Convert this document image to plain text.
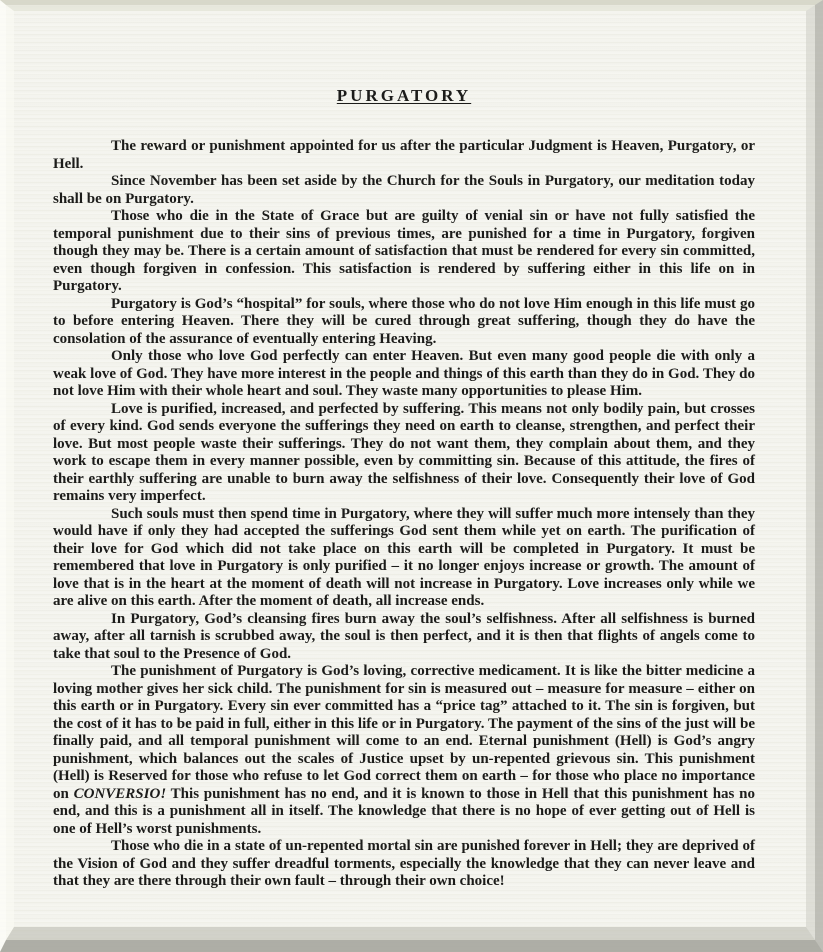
PURGATORY

The reward or punishment appointed for us after the particular Judgment is Heaven, Purgatory, or Hell.

Since November has been set aside by the Church for the Souls in Purgatory, our meditation today shall be on Purgatory.

Those who die in the State of Grace but are guilty of venial sin or have not fully satisfied the temporal punishment due to their sins of previous times, are punished for a time in Purgatory, forgiven though they may be. There is a certain amount of satisfaction that must be rendered for every sin committed, even though forgiven in confession. This satisfaction is rendered by suffering either in this life on in Purgatory.

Purgatory is God’s “hospital” for souls, where those who do not love Him enough in this life must go to before entering Heaven. There they will be cured through great suffering, though they do have the consolation of the assurance of eventually entering Heaving.

Only those who love God perfectly can enter Heaven. But even many good people die with only a weak love of God. They have more interest in the people and things of this earth than they do in God. They do not love Him with their whole heart and soul. They waste many opportunities to please Him.

Love is purified, increased, and perfected by suffering. This means not only bodily pain, but crosses of every kind. God sends everyone the sufferings they need on earth to cleanse, strengthen, and perfect their love. But most people waste their sufferings. They do not want them, they complain about them, and they work to escape them in every manner possible, even by committing sin. Because of this attitude, the fires of their earthly suffering are unable to burn away the selfishness of their love. Consequently their love of God remains very imperfect.

Such souls must then spend time in Purgatory, where they will suffer much more intensely than they would have if only they had accepted the sufferings God sent them while yet on earth. The purification of their love for God which did not take place on this earth will be completed in Purgatory. It must be remembered that love in Purgatory is only purified – it no longer enjoys increase or growth. The amount of love that is in the heart at the moment of death will not increase in Purgatory. Love increases only while we are alive on this earth. After the moment of death, all increase ends.

In Purgatory, God’s cleansing fires burn away the soul’s selfishness. After all selfishness is burned away, after all tarnish is scrubbed away, the soul is then perfect, and it is then that flights of angels come to take that soul to the Presence of God.

The punishment of Purgatory is God’s loving, corrective medicament. It is like the bitter medicine a loving mother gives her sick child. The punishment for sin is measured out – measure for measure – either on this earth or in Purgatory. Every sin ever committed has a “price tag” attached to it. The sin is forgiven, but the cost of it has to be paid in full, either in this life or in Purgatory. The payment of the sins of the just will be finally paid, and all temporal punishment will come to an end. Eternal punishment (Hell) is God’s angry punishment, which balances out the scales of Justice upset by un-repented grievous sin. This punishment (Hell) is Reserved for those who refuse to let God correct them on earth – for those who place no importance on CONVERSIO! This punishment has no end, and it is known to those in Hell that this punishment has no end, and this is a punishment all in itself. The knowledge that there is no hope of ever getting out of Hell is one of Hell’s worst punishments.

Those who die in a state of un-repented mortal sin are punished forever in Hell; they are deprived of the Vision of God and they suffer dreadful torments, especially the knowledge that they can never leave and that they are there through their own fault – through their own choice!
